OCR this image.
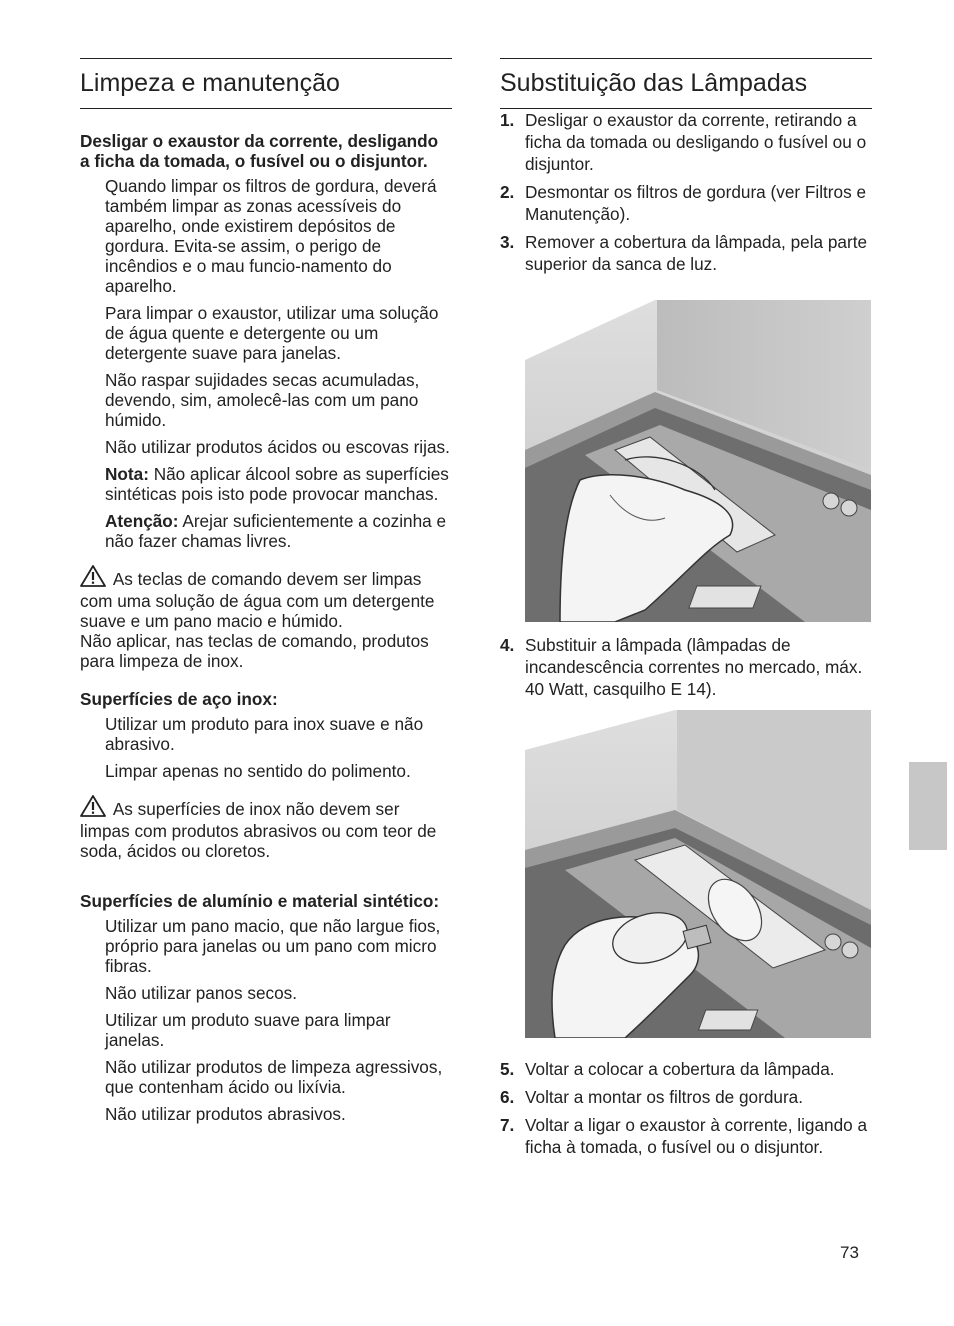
Limpeza e manutenção

Desligar o exaustor da corrente, desligando a ficha da tomada, o fusível ou o disjuntor.

Quando limpar os filtros de gordura, deverá também limpar as zonas acessíveis do aparelho, onde existirem depósitos de gordura. Evita-se assim, o perigo de incêndios e o mau funcio-namento do aparelho.

Para limpar o exaustor, utilizar uma solução de água quente e detergente ou um detergente suave para janelas.

Não raspar sujidades secas acumuladas, devendo, sim, amolecê-las com um pano húmido.

Não utilizar produtos ácidos ou escovas rijas.

Nota: Não aplicar álcool sobre as superfícies sintéticas pois isto pode provocar manchas.

Atenção: Arejar suficientemente a cozinha e não fazer chamas livres.

As teclas de comando devem ser limpas com uma solução de água com um detergente suave e um pano macio e húmido.
Não aplicar, nas teclas de comando, produtos para limpeza de inox.

Superfícies de aço inox:

Utilizar um produto para inox suave e não abrasivo.

Limpar apenas no sentido do polimento.

As superfícies de inox não devem ser limpas com produtos abrasivos ou com teor de soda, ácidos ou cloretos.

Superfícies de alumínio e material sintético:

Utilizar um pano macio, que não largue fios, próprio para janelas ou um pano com micro fibras.

Não utilizar panos secos.

Utilizar um produto suave para limpar janelas.

Não utilizar produtos de limpeza agressivos, que contenham ácido ou lixívia.

Não utilizar produtos abrasivos.

Substituição das Lâmpadas
1. Desligar o exaustor da corrente, retirando a ficha da tomada ou desligando o fusível ou o disjuntor.
2. Desmontar os filtros de gordura (ver Filtros e Manutenção).
3. Remover a cobertura da lâmpada, pela parte superior da sanca de luz.
4. Substituir a lâmpada (lâmpadas de incandescência correntes no mercado, máx. 40 Watt, casquilho E 14).
5. Voltar a colocar a cobertura da lâmpada.
6. Voltar a montar os filtros de gordura.
7. Voltar a ligar o exaustor à corrente, ligando a ficha à tomada, o fusível ou o disjuntor.
73
